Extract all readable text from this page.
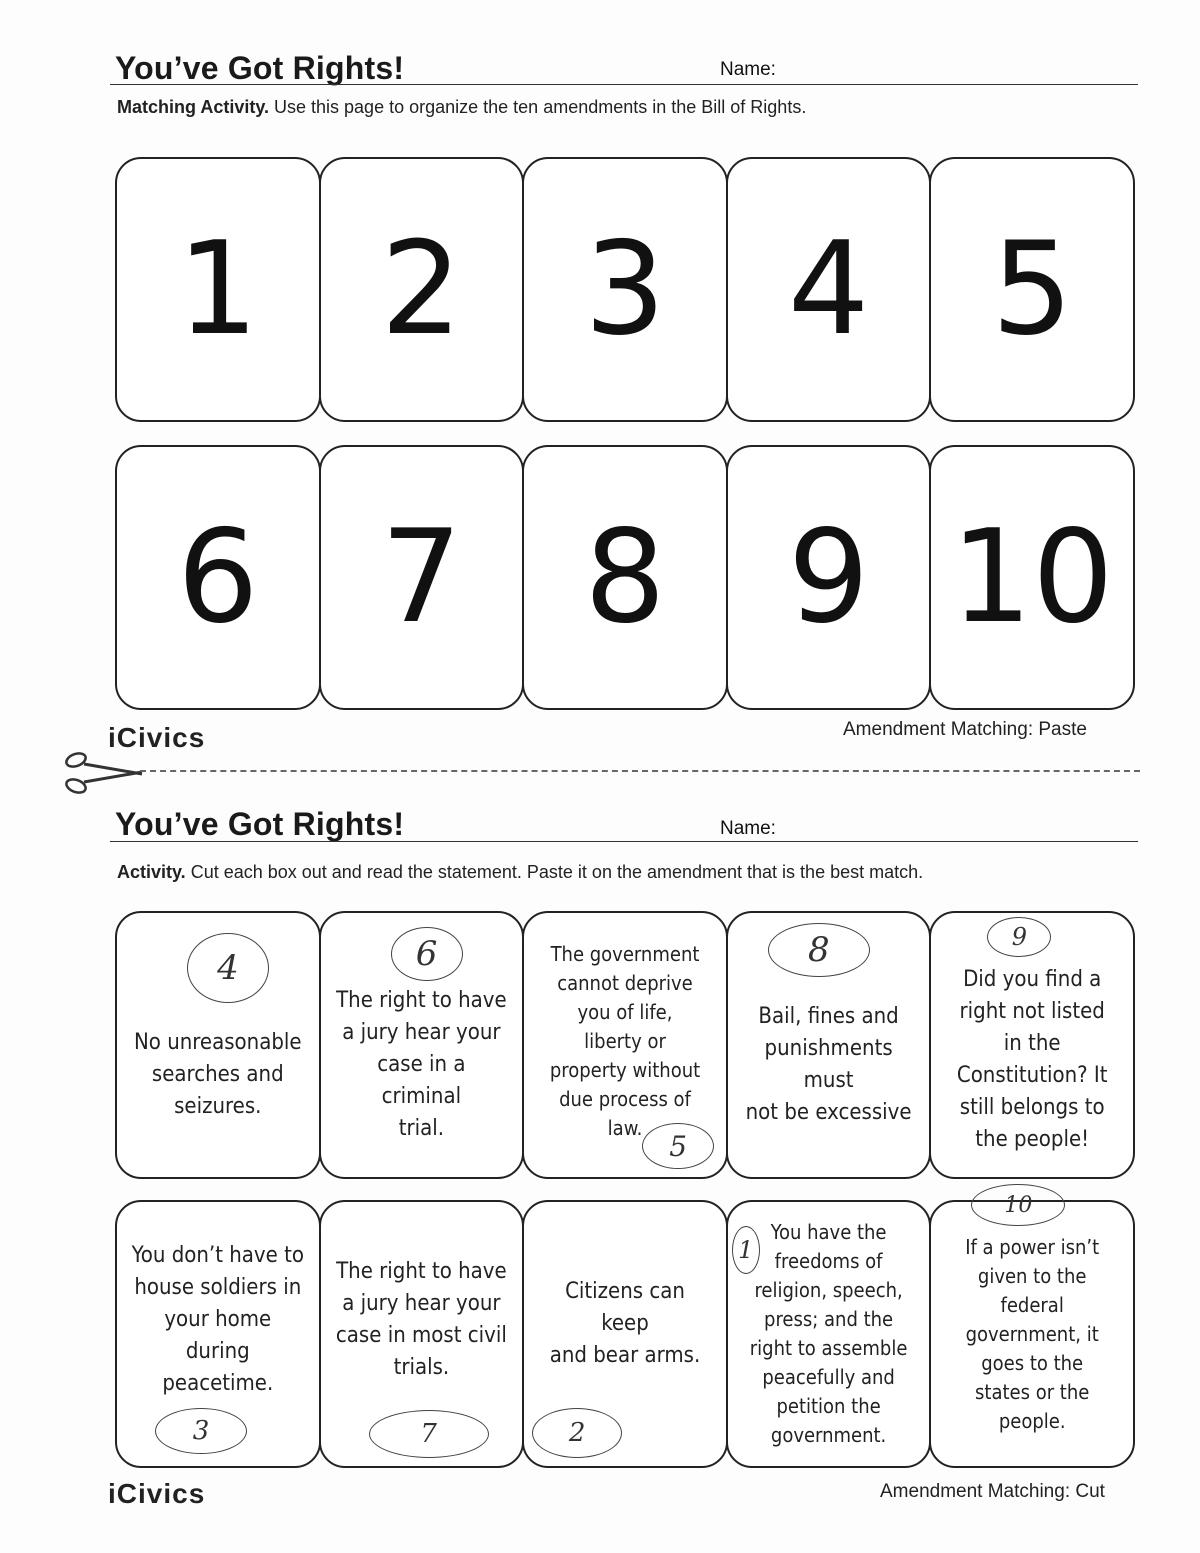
You’ve Got Rights!	Name:
Matching Activity. Use this page to organize the ten amendments in the Bill of Rights.
1 2 3 4 5
6 7 8 9 10
iCivics	Amendment Matching: Paste
You’ve Got Rights!	Name:
Activity. Cut each box out and read the statement. Paste it on the amendment that is the best match.
4
No unreasonable
searches and
seizures.
6
The right to have
a jury hear your
case in a criminal
trial.
5
The government
cannot deprive
you of life,
liberty or
property without
due process of
law.
8
Bail, fines and
punishments must
not be excessive
9
Did you find a
right not listed
in the
Constitution? It
still belongs to
the people!
3
You don’t have to
house soldiers in
your home during
peacetime.
7
The right to have
a jury hear your
case in most civil
trials.
2
Citizens can keep
and bear arms.
1
You have the
freedoms of
religion, speech,
press; and the
right to assemble
peacefully and
petition the
government.
10
If a power isn’t
given to the
federal
government, it
goes to the
states or the
people.
iCivics	Amendment Matching: Cut
